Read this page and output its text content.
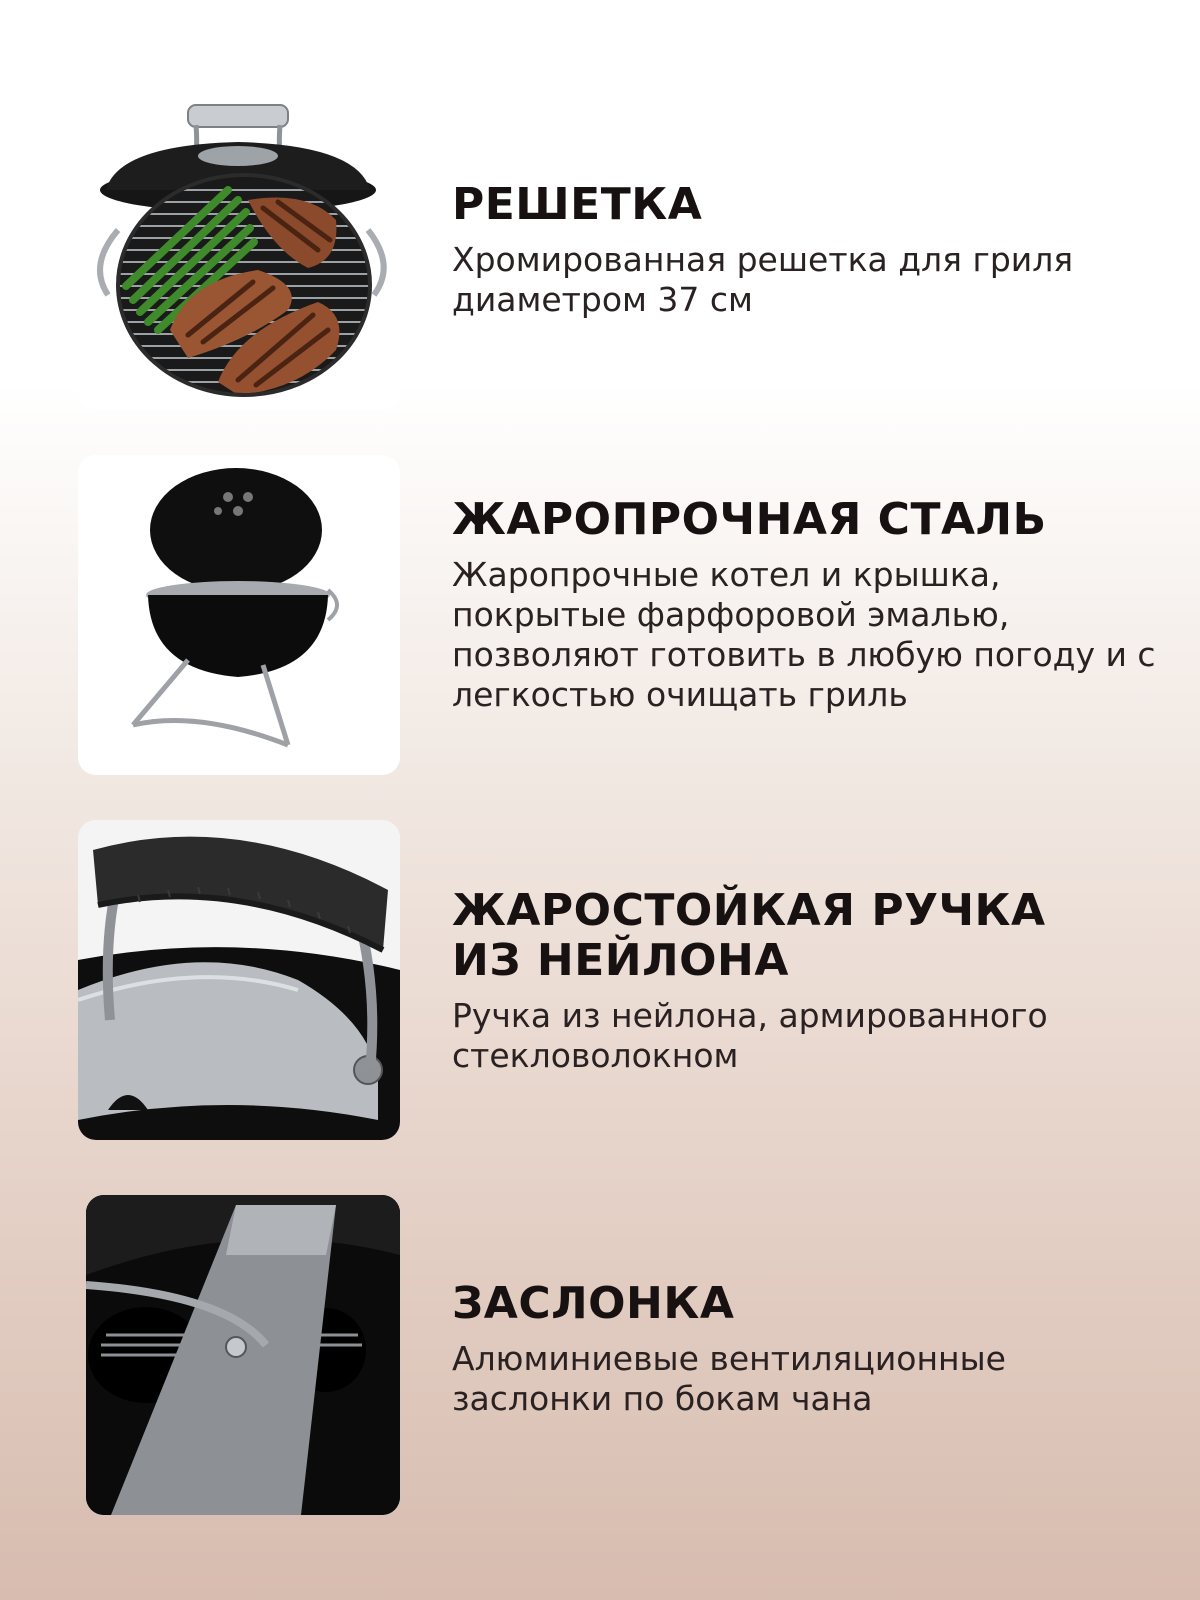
РЕШЕТКА

Хромированная решетка для гриля диаметром 37 см

ЖАРОПРОЧНАЯ СТАЛЬ

Жаропрочные котел и крышка, покрытые фарфоровой эмалью, позволяют готовить в любую погоду и с легкостью очищать гриль

ЖАРОСТОЙКАЯ РУЧКА
ИЗ НЕЙЛОНА

Ручка из нейлона, армированного стекловолокном

ЗАСЛОНКА

Алюминиевые вентиляционные заслонки по бокам чана
